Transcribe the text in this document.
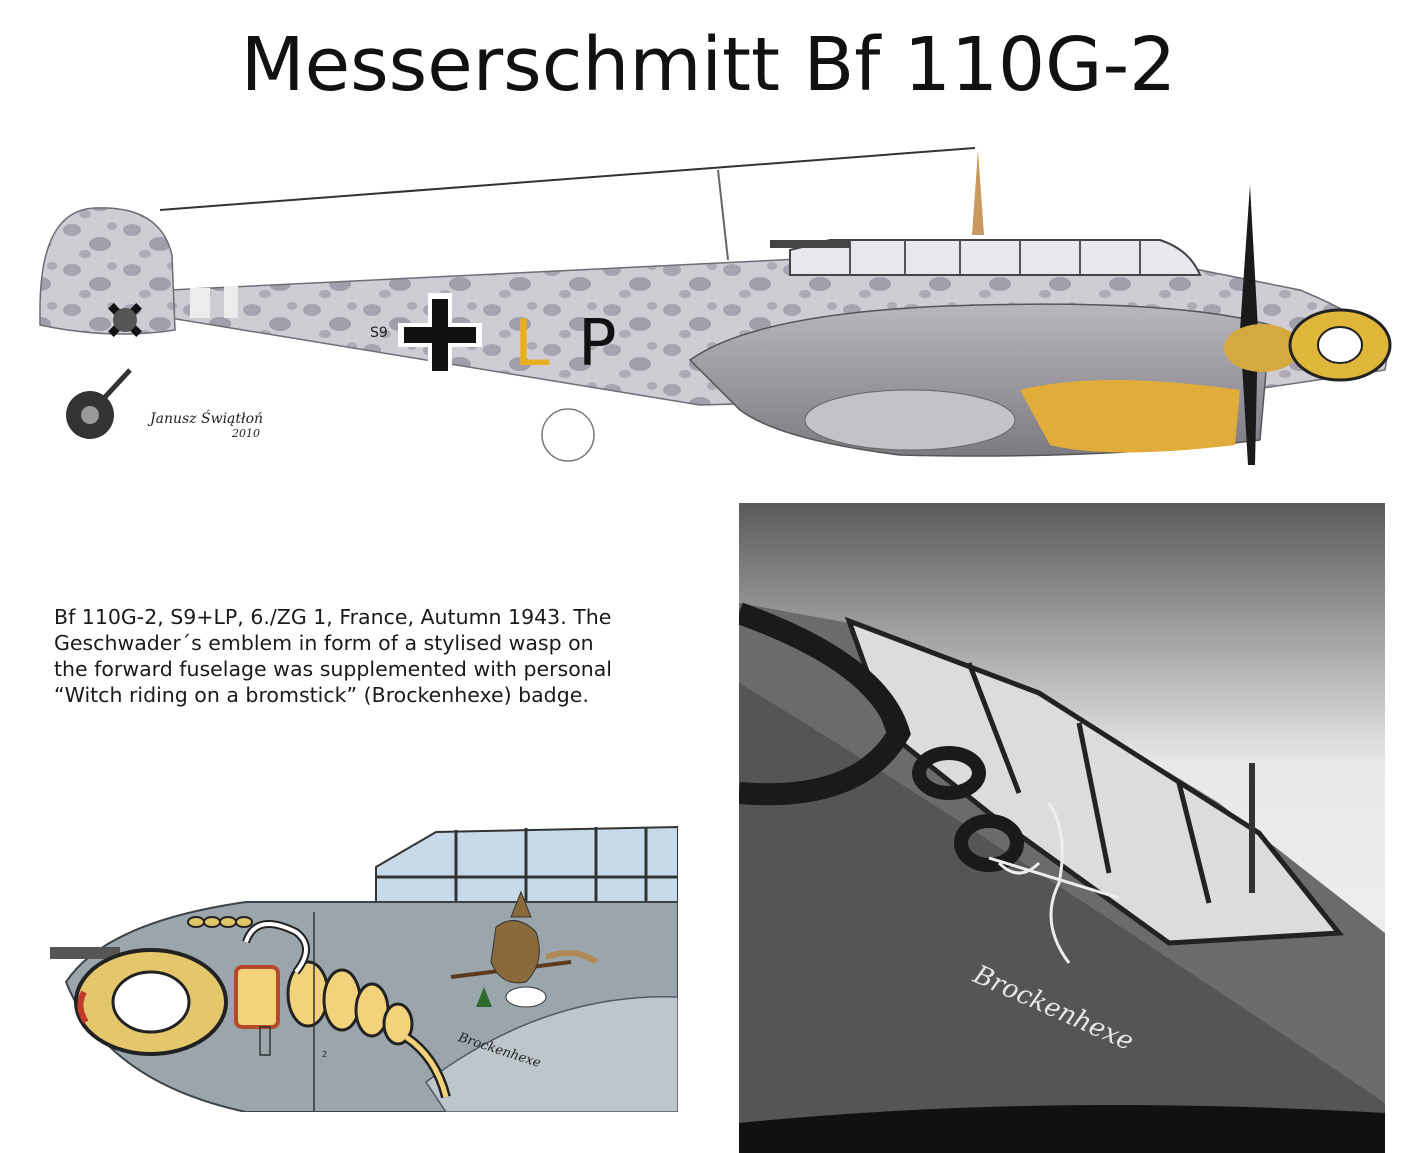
Messerschmitt Bf 110G-2
S9 L P
Janusz Świątłoń
2010
Bf 110G-2, S9+LP, 6./ZG 1, France, Autumn 1943. The
Geschwader´s emblem in form of a stylised wasp on
the forward fuselage was supplemented with personal
“Witch riding on a bromstick” (Brockenhexe) badge.
Brockenhexe
2	Brockenhexe
